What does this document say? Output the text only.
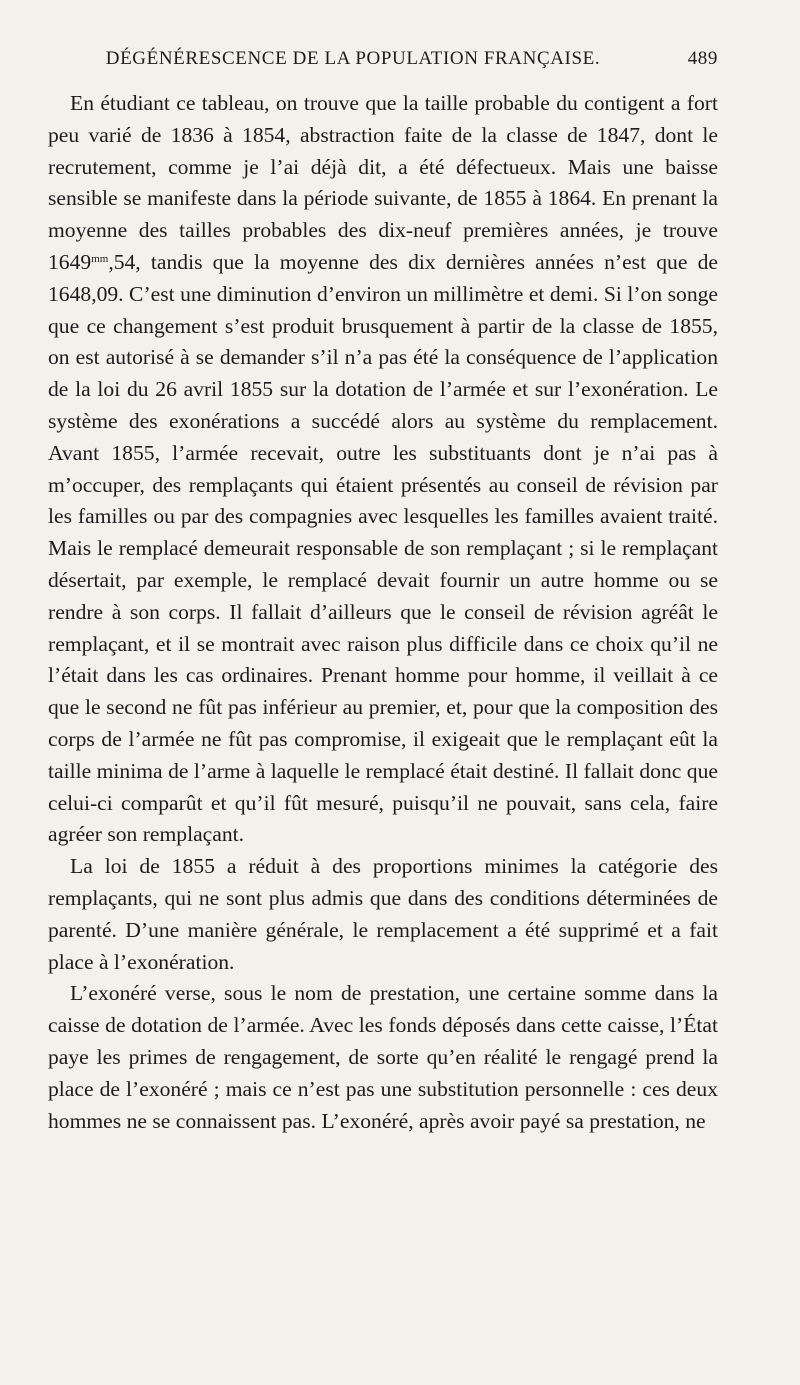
DÉGÉNÉRESCENCE DE LA POPULATION FRANÇAISE.	489

En étudiant ce tableau, on trouve que la taille probable du contigent a fort peu varié de 1836 à 1854, abstraction faite de la classe de 1847, dont le recrutement, comme je l’ai déjà dit, a été défectueux. Mais une baisse sensible se manifeste dans la période suivante, de 1855 à 1864. En prenant la moyenne des tailles probables des dix-neuf premières années, je trouve $1649^{mm},54$, tandis que la moyenne des dix dernières années n’est que de 1648,09. C’est une diminution d’environ un millimètre et demi. Si l’on songe que ce changement s’est produit brusquement à partir de la classe de 1855, on est autorisé à se demander s’il n’a pas été la conséquence de l’application de la loi du 26 avril 1855 sur la dotation de l’armée et sur l’exonération. Le système des exonérations a succédé alors au système du remplacement. Avant 1855, l’armée recevait, outre les substituants dont je n’ai pas à m’occuper, des remplaçants qui étaient présentés au conseil de révision par les familles ou par des compagnies avec lesquelles les familles avaient traité. Mais le remplacé demeurait responsable de son remplaçant ; si le remplaçant désertait, par exemple, le remplacé devait fournir un autre homme ou se rendre à son corps. Il fallait d’ailleurs que le conseil de révision agréât le remplaçant, et il se montrait avec raison plus difficile dans ce choix qu’il ne l’était dans les cas ordinaires. Prenant homme pour homme, il veillait à ce que le second ne fût pas inférieur au premier, et, pour que la composition des corps de l’armée ne fût pas compromise, il exigeait que le remplaçant eût la taille minima de l’arme à laquelle le remplacé était destiné. Il fallait donc que celui-ci comparût et qu’il fût mesuré, puisqu’il ne pouvait, sans cela, faire agréer son remplaçant.

La loi de 1855 a réduit à des proportions minimes la catégorie des remplaçants, qui ne sont plus admis que dans des conditions déterminées de parenté. D’une manière générale, le remplacement a été supprimé et a fait place à l’exonération.

L’exonéré verse, sous le nom de prestation, une certaine somme dans la caisse de dotation de l’armée. Avec les fonds déposés dans cette caisse, l’État paye les primes de rengagement, de sorte qu’en réalité le rengagé prend la place de l’exonéré ; mais ce n’est pas une substitution personnelle : ces deux hommes ne se connaissent pas. L’exonéré, après avoir payé sa prestation, ne
